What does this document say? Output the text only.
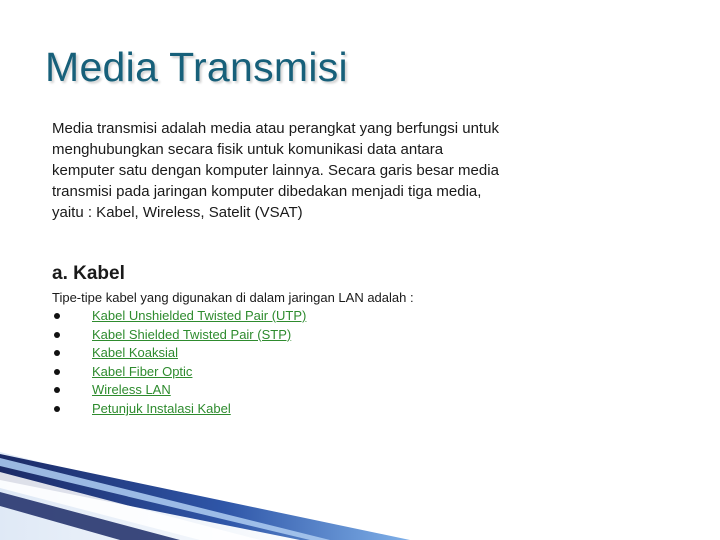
Media Transmisi
Media transmisi adalah media atau perangkat yang berfungsi untuk menghubungkan secara fisik untuk komunikasi data antara kemputer satu dengan komputer lainnya. Secara garis besar media transmisi pada jaringan komputer dibedakan menjadi tiga media, yaitu : Kabel, Wireless, Satelit (VSAT)
a. Kabel
Tipe-tipe kabel yang digunakan di dalam jaringan LAN adalah :
Kabel Unshielded Twisted Pair (UTP)
Kabel Shielded Twisted Pair (STP)
Kabel Koaksial
Kabel Fiber Optic
Wireless LAN
Petunjuk Instalasi Kabel
